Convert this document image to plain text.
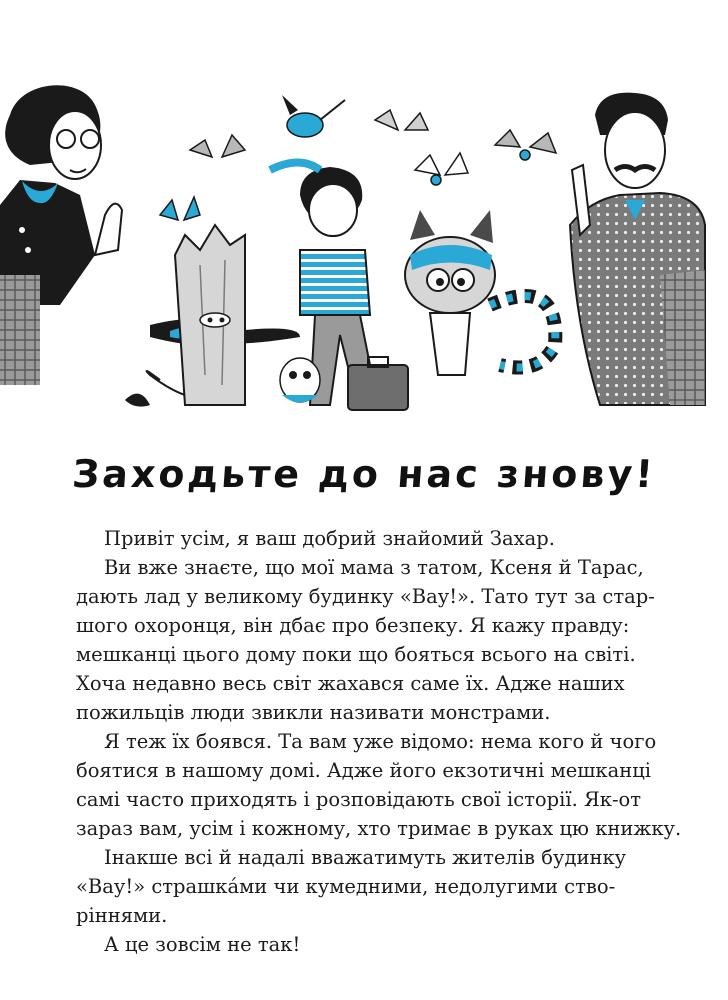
Заходьте до нас знову!
Привіт усім, я ваш добрий знайомий Захар.
Ви вже знаєте, що мої мама з татом, Ксеня й Тарас,
дають лад у великому будинку «Вау!». Тато тут за стар-
шого охоронця, він дбає про безпеку. Я кажу правду:
мешканці цього дому поки що бояться всього на світі.
Хоча недавно весь світ жахався саме їх. Адже наших
пожильців люди звикли називати монстрами.
Я теж їх боявся. Та вам уже відомо: нема кого й чого
боятися в нашому домі. Адже його екзотичні мешканці
самі часто приходять і розповідають свої історії. Як-от
зараз вам, усім і кожному, хто тримає в руках цю книжку.
Інакше всі й надалі вважатимуть жителів будинку
«Вау!» страшкáми чи кумедними, недолугими ство-
ріннями.
А це зовсім не так!
